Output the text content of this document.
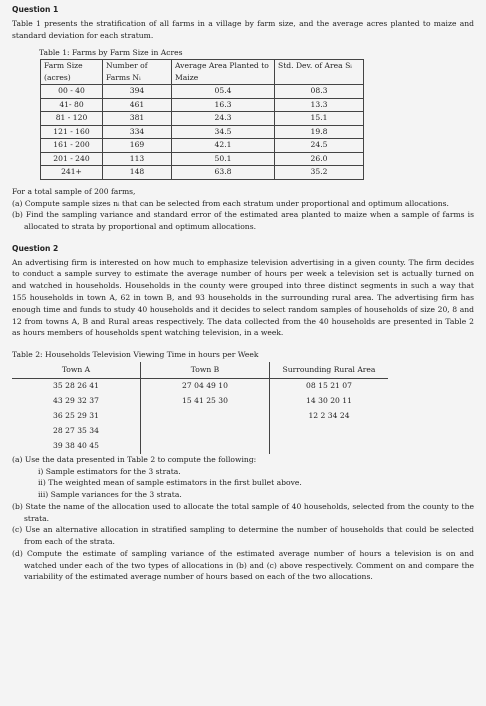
Question 1

Table 1 presents the stratification of all farms in a village by farm size, and the average acres planted to maize and standard deviation for each stratum.

Table 1: Farms by Farm Size in Acres
Farm Size (acres)	Number of Farms Nᵢ	Average Area Planted to Maize	Std. Dev. of Area Sᵢ
00 - 40	394	05.4	08.3
41- 80	461	16.3	13.3
81 - 120	381	24.3	15.1
121 - 160	334	34.5	19.8
161 - 200	169	42.1	24.5
201 - 240	113	50.1	26.0
241+	148	63.8	35.2

For a total sample of 200 farms,

(a) Compute sample sizes nᵢ that can be selected from each stratum under proportional and optimum allocations.
(b) Find the sampling variance and standard error of the estimated area planted to maize when a sample of farms is allocated to strata by proportional and optimum allocations.
Question 2

An advertising firm is interested on how much to emphasize television advertising in a given county. The firm decides to conduct a sample survey to estimate the average number of hours per week a television set is actually turned on and watched in households. Households in the county were grouped into three distinct segments in such a way that 155 households in town A, 62 in town B, and 93 households in the surrounding rural area. The advertising firm has enough time and funds to study 40 households and it decides to select random samples of households of size 20, 8 and 12 from towns A, B and Rural areas respectively. The data collected from the 40 households are presented in Table 2 as hours members of households spent watching television, in a week.

Table 2: Households Television Viewing Time in hours per Week

Town A	Town B	Surrounding Rural Area
35 28 26 41	27 04 49 10	08 15 21 07
43 29 32 37	15 41 25 30	14 30 20 11
36 25 29 31		12 2 34 24
28 27 35 34		
39 38 40 45		
(a) Use the data presented in Table 2 to compute the following:
i) Sample estimators for the 3 strata.
ii) The weighted mean of sample estimators in the first bullet above.
iii) Sample variances for the 3 strata.
(b) State the name of the allocation used to allocate the total sample of 40 households, selected from the county to the strata.
(c) Use an alternative allocation in stratified sampling to determine the number of households that could be selected from each of the strata.
(d) Compute the estimate of sampling variance of the estimated average number of hours a television is on and watched under each of the two types of allocations in (b) and (c) above respectively. Comment on and compare the variability of the estimated average number of hours based on each of the two allocations.
